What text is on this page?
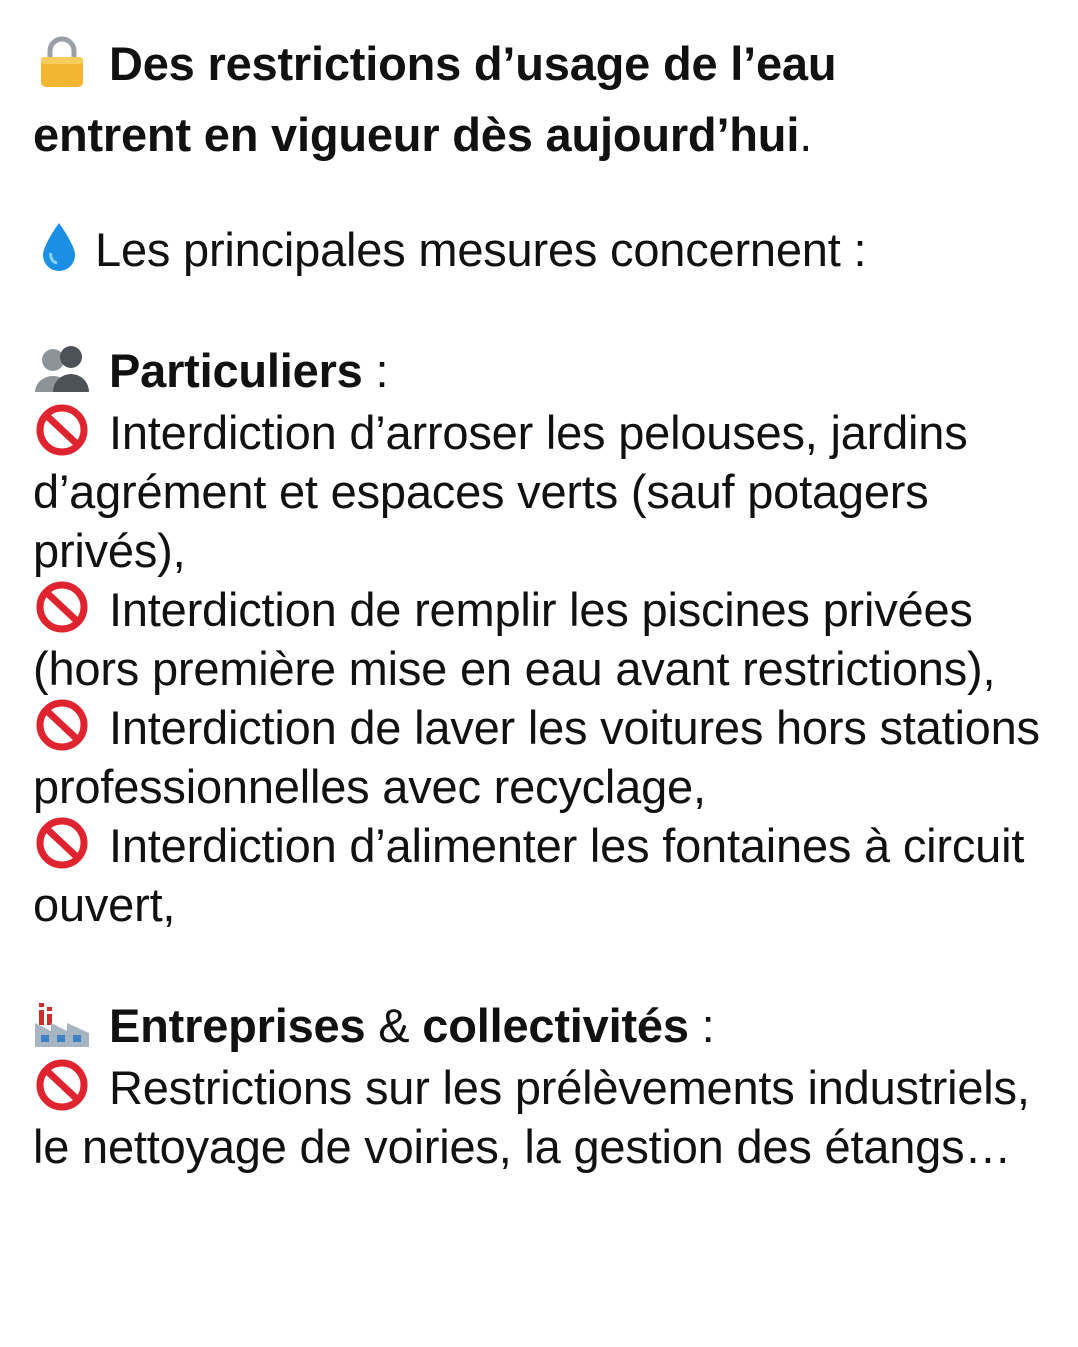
Des restrictions d’usage de l’eau
entrent en vigueur dès aujourd’hui.
Les principales mesures concernent :
Particuliers :
Interdiction d’arroser les pelouses, jardins d’agrément et espaces verts (sauf potagers privés),
Interdiction de remplir les piscines privées (hors première mise en eau avant restrictions),
Interdiction de laver les voitures hors stations professionnelles avec recyclage,
Interdiction d’alimenter les fontaines à circuit ouvert,
Entreprises & collectivités :
Restrictions sur les prélèvements industriels, le nettoyage de voiries, la gestion des étangs…
